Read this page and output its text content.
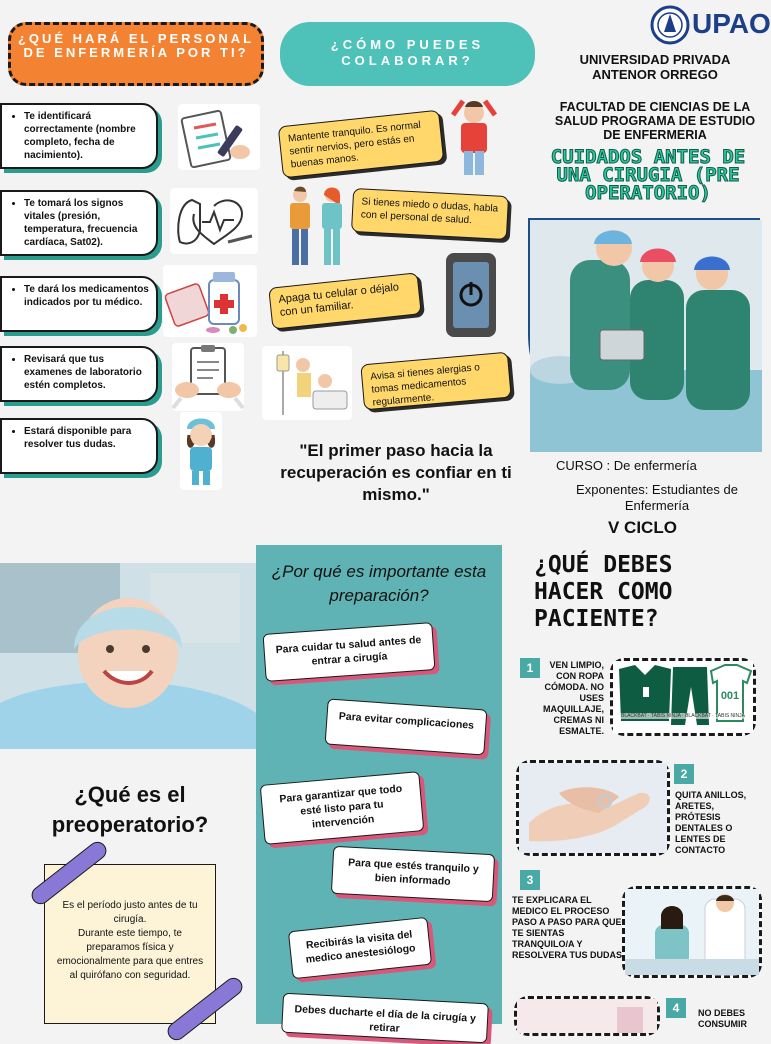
¿QUÉ HARÁ EL PERSONAL DE ENFERMERÍA POR TI?
• Te identificará correctamente (nombre completo, fecha de nacimiento).
• Te tomará los signos vitales (presión, temperatura, frecuencia cardíaca, Sat02).
• Te dará los medicamentos indicados por tu médico.
• Revisará que tus examenes de laboratorio estén completos.
• Estará disponible para resolver tus dudas.
¿CÓMO PUEDES COLABORAR?
Mantente tranquilo. Es normal sentir nervios, pero estás en buenas manos.
Si tienes miedo o dudas, habla con el personal de salud.
Apaga tu celular o déjalo con un familiar.
Avisa si tienes alergias o tomas medicamentos regularmente.
"El primer paso hacia la recuperación es confiar en ti mismo."
UPAO
UNIVERSIDAD PRIVADA ANTENOR ORREGO
FACULTAD DE CIENCIAS DE LA SALUD PROGRAMA DE ESTUDIO DE ENFERMERIA
CUIDADOS ANTES DE UNA CIRUGIA (PRE OPERATORIO)
CURSO : De enfermería
Exponentes: Estudiantes de Enfermería
V CICLO
¿Qué es el preoperatorio?
Es el período justo antes de tu cirugía.
Durante este tiempo, te preparamos física y emocionalmente para que entres al quirófano con seguridad.
¿Por qué es importante esta preparación?
Para cuidar tu salud antes de entrar a cirugía
Para evitar complicaciones
Para garantizar que todo esté listo para tu intervención
Para que estés tranquilo y bien informado
Recibirás la visita del medico anestesiólogo
Debes ducharte el día de la cirugía y retirar
¿QUÉ DEBES HACER COMO PACIENTE?
1	VEN LIMPIO, CON ROPA CÓMODA. NO USES MAQUILLAJE, CREMAS NI ESMALTE.
001
BLACKBAT · TABIS NINJA · BLACKBAT · TABIS NINJA
2
QUITA ANILLOS, ARETES, PRÓTESIS DENTALES O LENTES DE CONTACTO
3
TE EXPLICARA EL MEDICO EL PROCESO PASO A PASO PARA QUE TE SIENTAS TRANQUILO/A Y RESOLVERA TUS DUDAS
4	NO DEBES CONSUMIR
